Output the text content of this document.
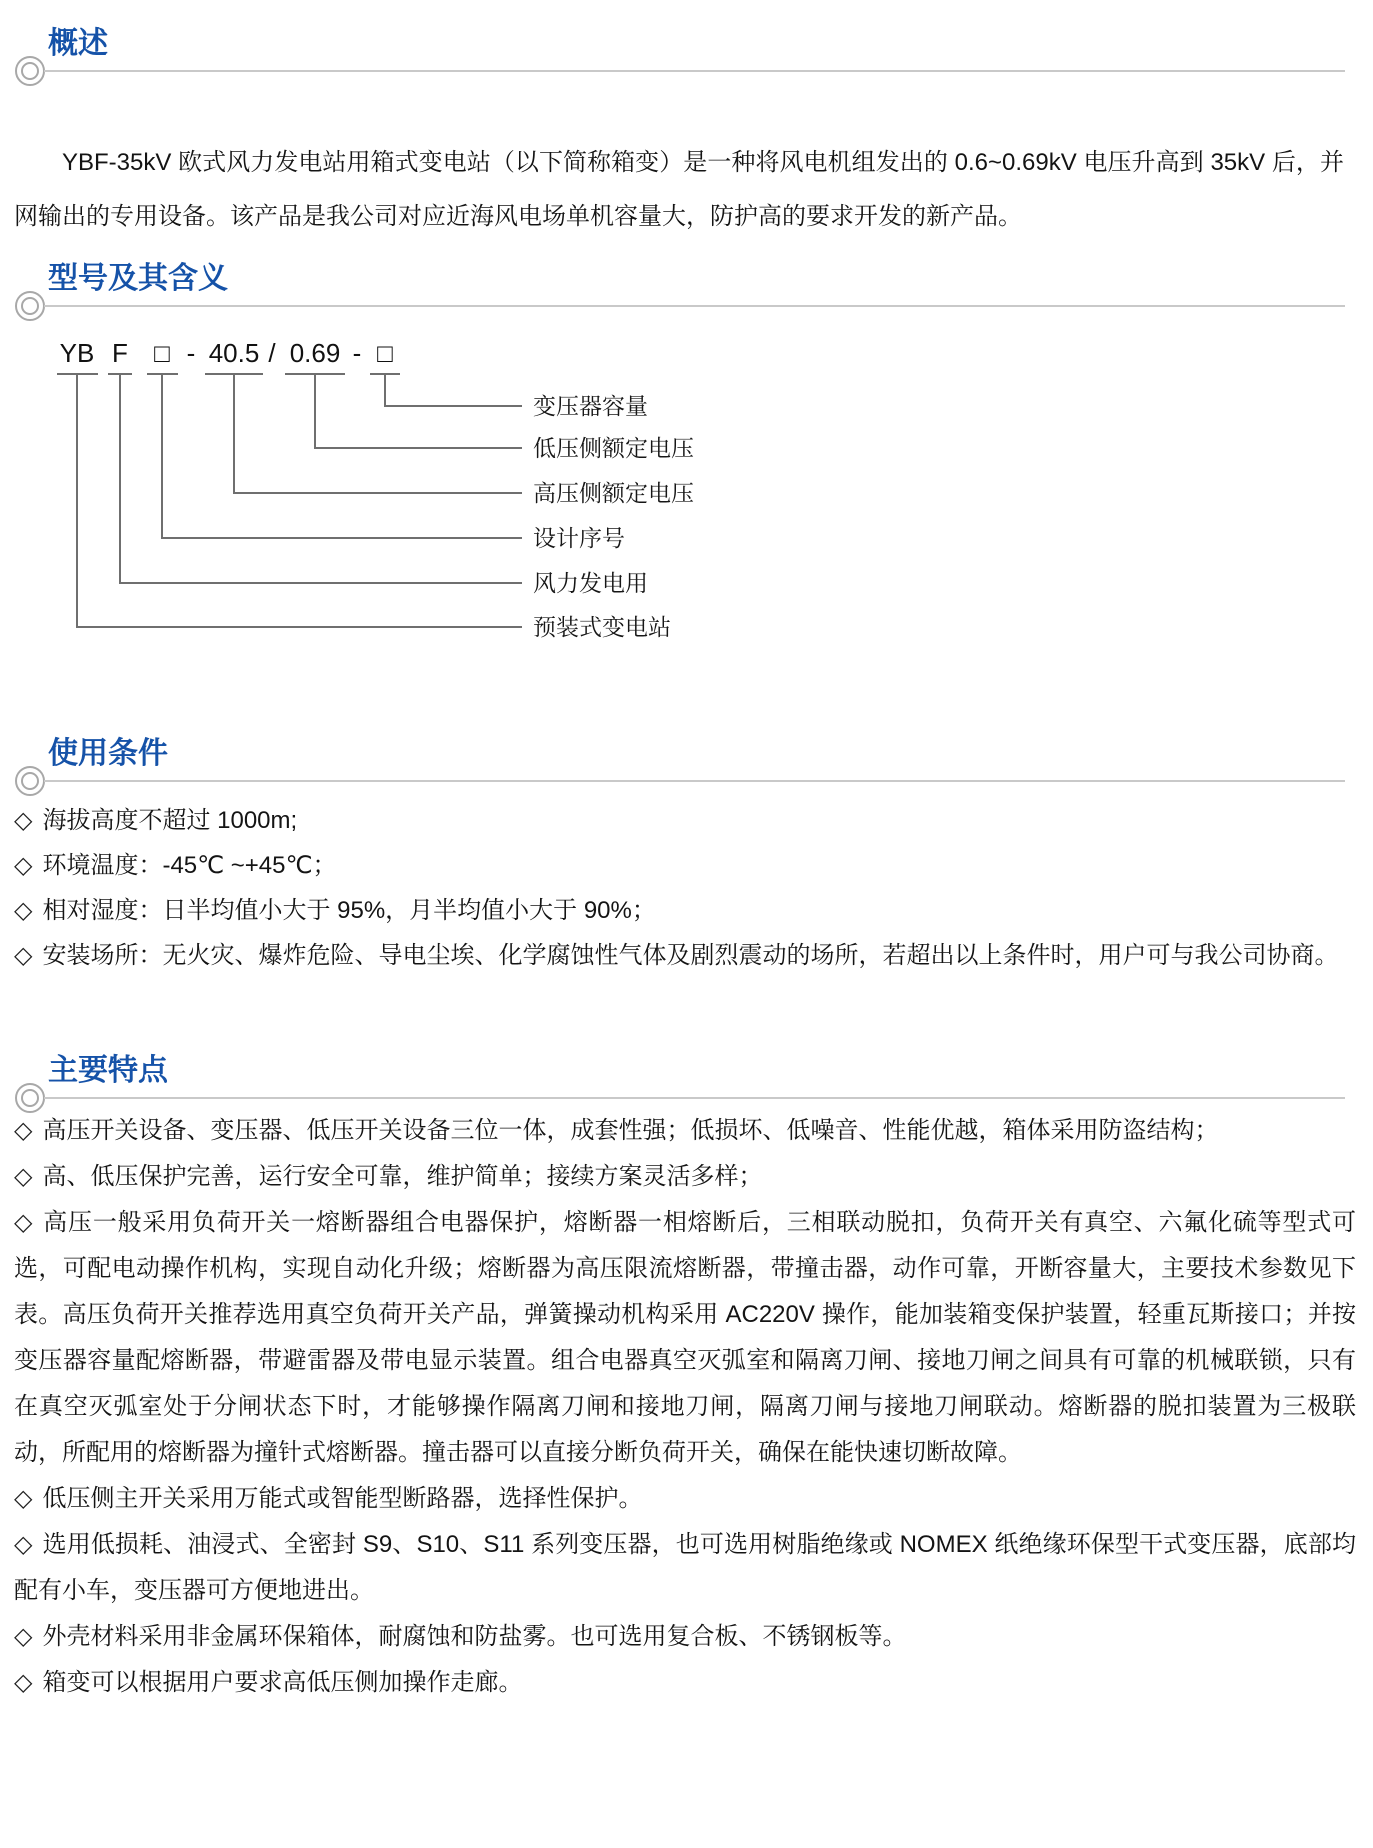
概述

YBF-35kV 欧式风力发电站用箱式变电站（以下简称箱变）是一种将风电机组发出的 0.6~0.69kV 电压升高到 35kV 后，并网输出的专用设备。该产品是我公司对应近海风电场单机容量大，防护高的要求开发的新产品。

型号及其含义
YB F □ - 40.5 / 0.69 - □
变压器容量
低压侧额定电压
高压侧额定电压
设计序号
风力发电用
预装式变电站
使用条件

◇ 海拔高度不超过 1000m;

◇ 环境温度：-45℃ ~+45℃；

◇ 相对湿度：日半均值小大于 95%，月半均值小大于 90%；

◇ 安装场所：无火灾、爆炸危险、导电尘埃、化学腐蚀性气体及剧烈震动的场所，若超出以上条件时，用户可与我公司协商。

主要特点

◇ 高压开关设备、变压器、低压开关设备三位一体，成套性强；低损坏、低噪音、性能优越，箱体采用防盗结构；

◇ 高、低压保护完善，运行安全可靠，维护简单；接续方案灵活多样；

◇ 高压一般采用负荷开关一熔断器组合电器保护，熔断器一相熔断后，三相联动脱扣，负荷开关有真空、六氟化硫等型式可选，可配电动操作机构，实现自动化升级；熔断器为高压限流熔断器，带撞击器，动作可靠，开断容量大，主要技术参数见下表。高压负荷开关推荐选用真空负荷开关产品，弹簧操动机构采用 AC220V 操作，能加装箱变保护装置，轻重瓦斯接口；并按变压器容量配熔断器，带避雷器及带电显示装置。组合电器真空灭弧室和隔离刀闸、接地刀闸之间具有可靠的机械联锁，只有在真空灭弧室处于分闸状态下时，才能够操作隔离刀闸和接地刀闸，隔离刀闸与接地刀闸联动。熔断器的脱扣装置为三极联动，所配用的熔断器为撞针式熔断器。撞击器可以直接分断负荷开关，确保在能快速切断故障。

◇ 低压侧主开关采用万能式或智能型断路器，选择性保护。

◇ 选用低损耗、油浸式、全密封 S9、S10、S11 系列变压器，也可选用树脂绝缘或 NOMEX 纸绝缘环保型干式变压器，底部均配有小车，变压器可方便地进出。

◇ 外壳材料采用非金属环保箱体，耐腐蚀和防盐雾。也可选用复合板、不锈钢板等。

◇ 箱变可以根据用户要求高低压侧加操作走廊。
